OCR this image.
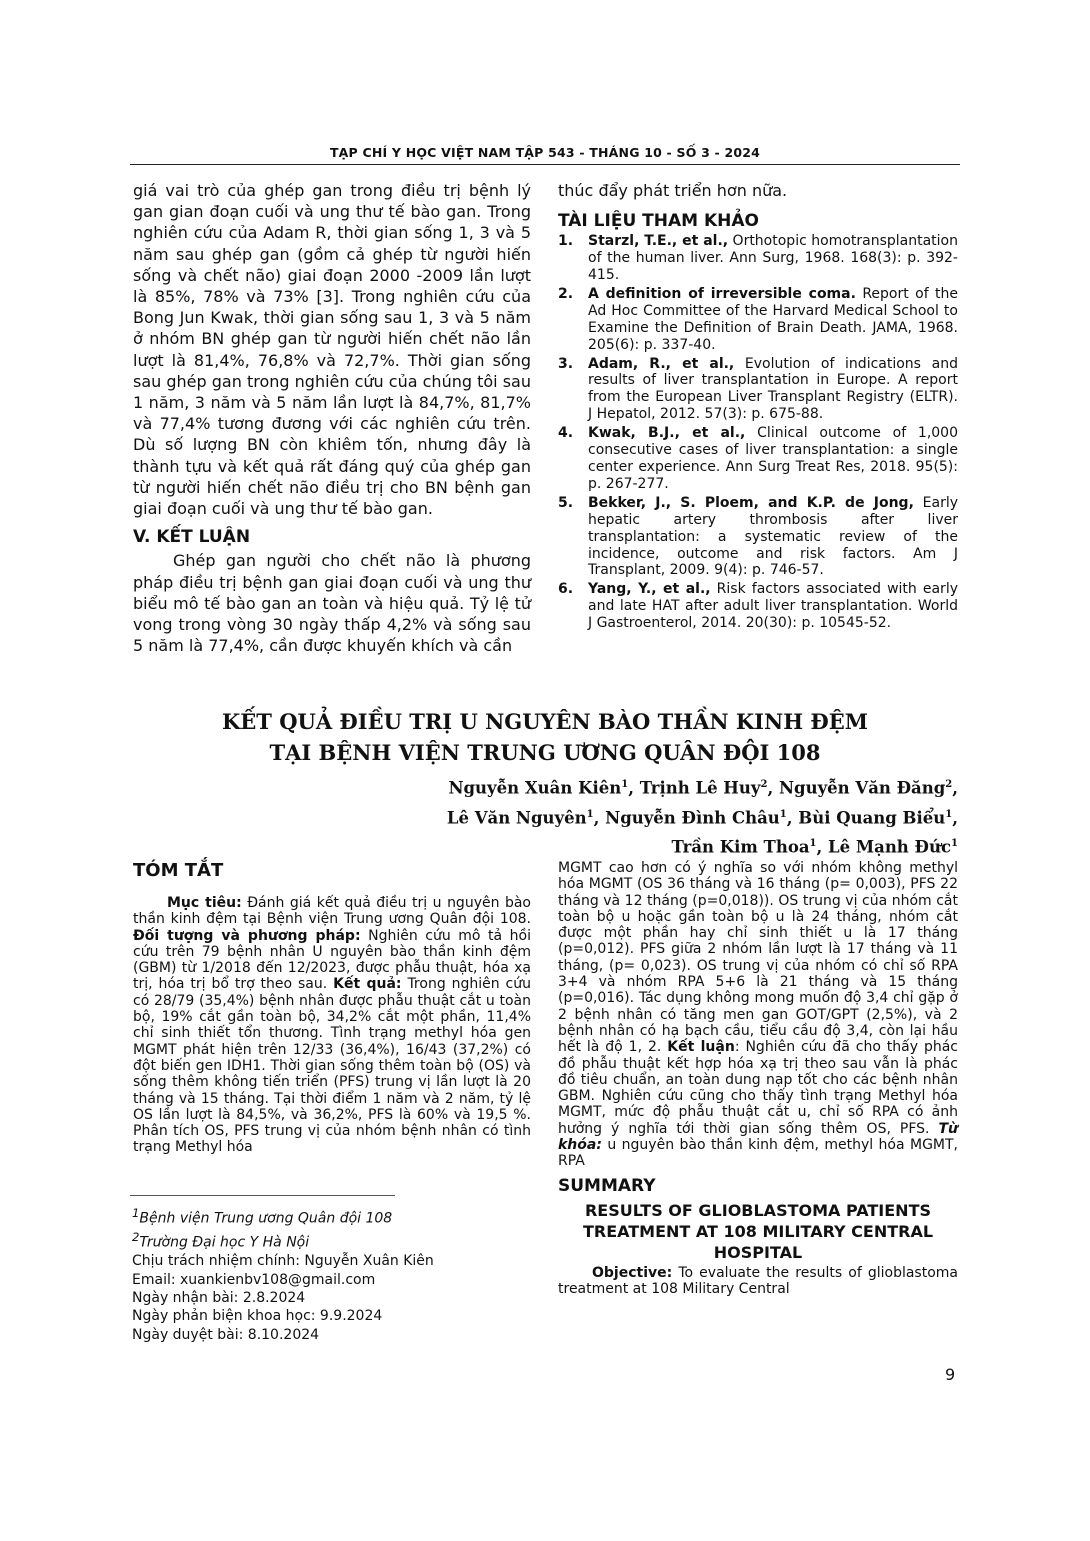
TẠP CHÍ Y HỌC VIỆT NAM TẬP 543 - THÁNG 10 - SỐ 3 - 2024

giá vai trò của ghép gan trong điều trị bệnh lý gan gian đoạn cuối và ung thư tế bào gan. Trong nghiên cứu của Adam R, thời gian sống 1, 3 và 5 năm sau ghép gan (gồm cả ghép từ người hiến sống và chết não) giai đoạn 2000 -2009 lần lượt là 85%, 78% và 73% [3]. Trong nghiên cứu của Bong Jun Kwak, thời gian sống sau 1, 3 và 5 năm ở nhóm BN ghép gan từ người hiến chết não lần lượt là 81,4%, 76,8% và 72,7%. Thời gian sống sau ghép gan trong nghiên cứu của chúng tôi sau 1 năm, 3 năm và 5 năm lần lượt là 84,7%, 81,7% và 77,4% tương đương với các nghiên cứu trên. Dù số lượng BN còn khiêm tốn, nhưng đây là thành tựu và kết quả rất đáng quý của ghép gan từ người hiến chết não điều trị cho BN bệnh gan giai đoạn cuối và ung thư tế bào gan.

V. KẾT LUẬN

Ghép gan người cho chết não là phương pháp điều trị bệnh gan giai đoạn cuối và ung thư biểu mô tế bào gan an toàn và hiệu quả. Tỷ lệ tử vong trong vòng 30 ngày thấp 4,2% và sống sau 5 năm là 77,4%, cần được khuyến khích và cần

thúc đẩy phát triển hơn nữa.
TÀI LIỆU THAM KHẢO
1.	Starzl, T.E., et al., Orthotopic homotransplantation of the human liver. Ann Surg, 1968. 168(3): p. 392-415.
2.	A definition of irreversible coma. Report of the Ad Hoc Committee of the Harvard Medical School to Examine the Definition of Brain Death. JAMA, 1968. 205(6): p. 337-40.
3.	Adam, R., et al., Evolution of indications and results of liver transplantation in Europe. A report from the European Liver Transplant Registry (ELTR). J Hepatol, 2012. 57(3): p. 675-88.
4.	Kwak, B.J., et al., Clinical outcome of 1,000 consecutive cases of liver transplantation: a single center experience. Ann Surg Treat Res, 2018. 95(5): p. 267-277.
5.	Bekker, J., S. Ploem, and K.P. de Jong, Early hepatic artery thrombosis after liver transplantation: a systematic review of the incidence, outcome and risk factors. Am J Transplant, 2009. 9(4): p. 746-57.
6.	Yang, Y., et al., Risk factors associated with early and late HAT after adult liver transplantation. World J Gastroenterol, 2014. 20(30): p. 10545-52.
KẾT QUẢ ĐIỀU TRỊ U NGUYÊN BÀO THẦN KINH ĐỆM
TẠI BỆNH VIỆN TRUNG ƯƠNG QUÂN ĐỘI 108
Nguyễn Xuân Kiên$^1$, Trịnh Lê Huy$^2$, Nguyễn Văn Đăng$^2$,
Lê Văn Nguyên$^1$, Nguyễn Đình Châu$^1$, Bùi Quang Biểu$^1$,
Trần Kim Thoa$^1$, Lê Mạnh Đức$^1$
TÓM TẮT

Mục tiêu: Đánh giá kết quả điều trị u nguyên bào thần kinh đệm tại Bệnh viện Trung ương Quân đội 108. Đối tượng và phương pháp: Nghiên cứu mô tả hồi cứu trên 79 bệnh nhân U nguyên bào thần kinh đệm (GBM) từ 1/2018 đến 12/2023, được phẫu thuật, hóa xạ trị, hóa trị bổ trợ theo sau. Kết quả: Trong nghiên cứu có 28/79 (35,4%) bệnh nhân được phẫu thuật cắt u toàn bộ, 19% cắt gần toàn bộ, 34,2% cắt một phần, 11,4% chỉ sinh thiết tổn thương. Tình trạng methyl hóa gen MGMT phát hiện trên 12/33 (36,4%), 16/43 (37,2%) có đột biến gen IDH1. Thời gian sống thêm toàn bộ (OS) và sống thêm không tiến triển (PFS) trung vị lần lượt là 20 tháng và 15 tháng. Tại thời điểm 1 năm và 2 năm, tỷ lệ OS lần lượt là 84,5%, và 36,2%, PFS là 60% và 19,5 %. Phân tích OS, PFS trung vị của nhóm bệnh nhân có tình trạng Methyl hóa

$^1$Bệnh viện Trung ương Quân đội 108
$^2$Trường Đại học Y Hà Nội
Chịu trách nhiệm chính: Nguyễn Xuân Kiên
Email: xuankienbv108@gmail.com
Ngày nhận bài: 2.8.2024
Ngày phản biện khoa học: 9.9.2024
Ngày duyệt bài: 8.10.2024

MGMT cao hơn có ý nghĩa so với nhóm không methyl hóa MGMT (OS 36 tháng và 16 tháng (p= 0,003), PFS 22 tháng và 12 tháng (p=0,018)). OS trung vị của nhóm cắt toàn bộ u hoặc gần toàn bộ u là 24 tháng, nhóm cắt được một phần hay chỉ sinh thiết u là 17 tháng (p=0,012). PFS giữa 2 nhóm lần lượt là 17 tháng và 11 tháng, (p= 0,023). OS trung vị của nhóm có chỉ số RPA 3+4 và nhóm RPA 5+6 là 21 tháng và 15 tháng (p=0,016). Tác dụng không mong muốn độ 3,4 chỉ gặp ở 2 bệnh nhân có tăng men gan GOT/GPT (2,5%), và 2 bệnh nhân có hạ bạch cầu, tiểu cầu độ 3,4, còn lại hầu hết là độ 1, 2. Kết luận: Nghiên cứu đã cho thấy phác đồ phẫu thuật kết hợp hóa xạ trị theo sau vẫn là phác đồ tiêu chuẩn, an toàn dung nạp tốt cho các bệnh nhân GBM. Nghiên cứu cũng cho thấy tình trạng Methyl hóa MGMT, mức độ phẫu thuật cắt u, chỉ số RPA có ảnh hưởng ý nghĩa tới thời gian sống thêm OS, PFS. Từ khóa: u nguyên bào thần kinh đệm, methyl hóa MGMT, RPA

SUMMARY
RESULTS OF GLIOBLASTOMA PATIENTS TREATMENT AT 108 MILITARY CENTRAL HOSPITAL

Objective: To evaluate the results of glioblastoma treatment at 108 Military Central

9
